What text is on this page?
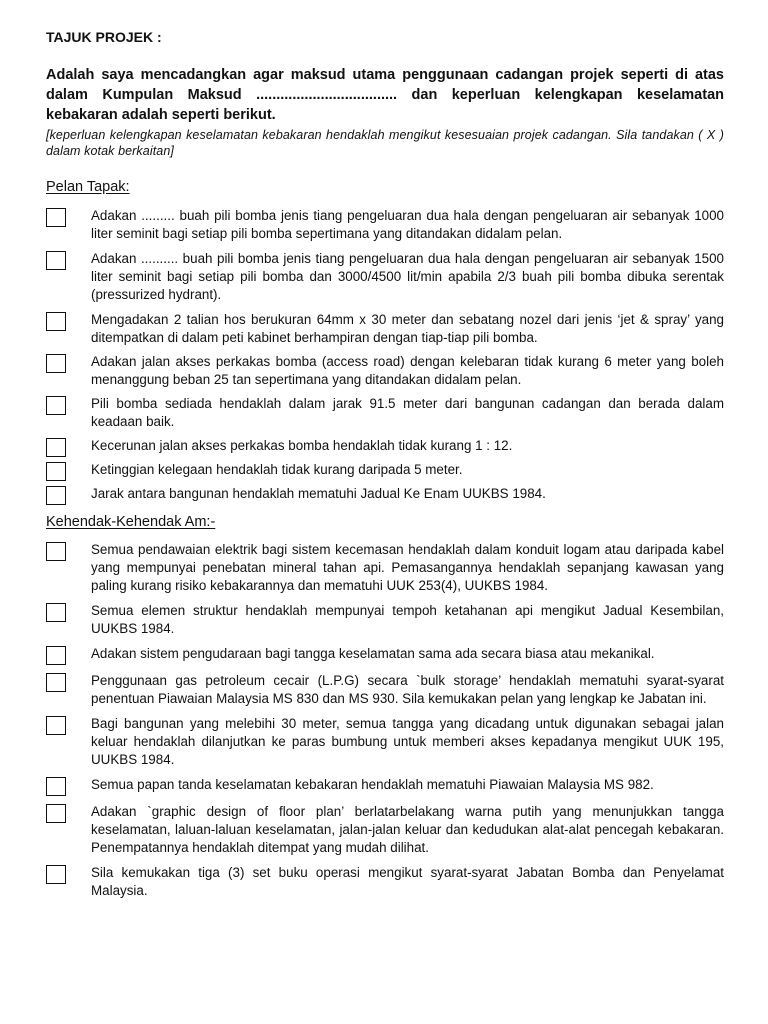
TAJUK PROJEK :

Adalah saya mencadangkan agar maksud utama penggunaan cadangan projek seperti di atas dalam Kumpulan Maksud ................................... dan keperluan kelengkapan keselamatan kebakaran adalah seperti berikut.
[keperluan kelengkapan keselamatan kebakaran hendaklah mengikut kesesuaian projek cadangan. Sila tandakan ( X ) dalam kotak berkaitan]

Pelan Tapak:

Adakan ......... buah pili bomba jenis tiang pengeluaran dua hala dengan pengeluaran air sebanyak 1000 liter seminit bagi setiap pili bomba sepertimana yang ditandakan didalam pelan.
Adakan .......... buah pili bomba jenis tiang pengeluaran dua hala dengan pengeluaran air sebanyak 1500 liter seminit bagi setiap pili bomba dan 3000/4500 lit/min apabila 2/3 buah pili bomba dibuka serentak (pressurized hydrant).
Mengadakan 2 talian hos berukuran 64mm x 30 meter dan sebatang nozel dari jenis ‘jet & spray’ yang ditempatkan di dalam peti kabinet berhampiran dengan tiap-tiap pili bomba.
Adakan jalan akses perkakas bomba (access road) dengan kelebaran tidak kurang 6 meter yang boleh menanggung beban 25 tan sepertimana yang ditandakan didalam pelan.
Pili bomba sediada hendaklah dalam jarak 91.5 meter dari bangunan cadangan dan berada dalam keadaan baik.
Kecerunan jalan akses perkakas bomba hendaklah tidak kurang 1 : 12.
Ketinggian kelegaan hendaklah tidak kurang daripada 5 meter.
Jarak antara bangunan hendaklah mematuhi Jadual Ke Enam UUKBS 1984.

Kehendak-Kehendak Am:-

Semua pendawaian elektrik bagi sistem kecemasan hendaklah dalam konduit logam atau daripada kabel yang mempunyai penebatan mineral tahan api. Pemasangannya hendaklah sepanjang kawasan yang paling kurang risiko kebakarannya dan mematuhi UUK 253(4), UUKBS 1984.
Semua elemen struktur hendaklah mempunyai tempoh ketahanan api mengikut Jadual Kesembilan, UUKBS 1984.
Adakan sistem pengudaraan bagi tangga keselamatan sama ada secara biasa atau mekanikal.
Penggunaan gas petroleum cecair (L.P.G) secara `bulk storage’ hendaklah mematuhi syarat-syarat penentuan Piawaian Malaysia MS 830 dan MS 930. Sila kemukakan pelan yang lengkap ke Jabatan ini.
Bagi bangunan yang melebihi 30 meter, semua tangga yang dicadang untuk digunakan sebagai jalan keluar hendaklah dilanjutkan ke paras bumbung untuk memberi akses kepadanya mengikut UUK 195, UUKBS 1984.
Semua papan tanda keselamatan kebakaran hendaklah mematuhi Piawaian Malaysia MS 982.
Adakan `graphic design of floor plan’ berlatarbelakang warna putih yang menunjukkan tangga keselamatan, laluan-laluan keselamatan, jalan-jalan keluar dan kedudukan alat-alat pencegah kebakaran. Penempatannya hendaklah ditempat yang mudah dilihat.
Sila kemukakan tiga (3) set buku operasi mengikut syarat-syarat Jabatan Bomba dan Penyelamat Malaysia.
